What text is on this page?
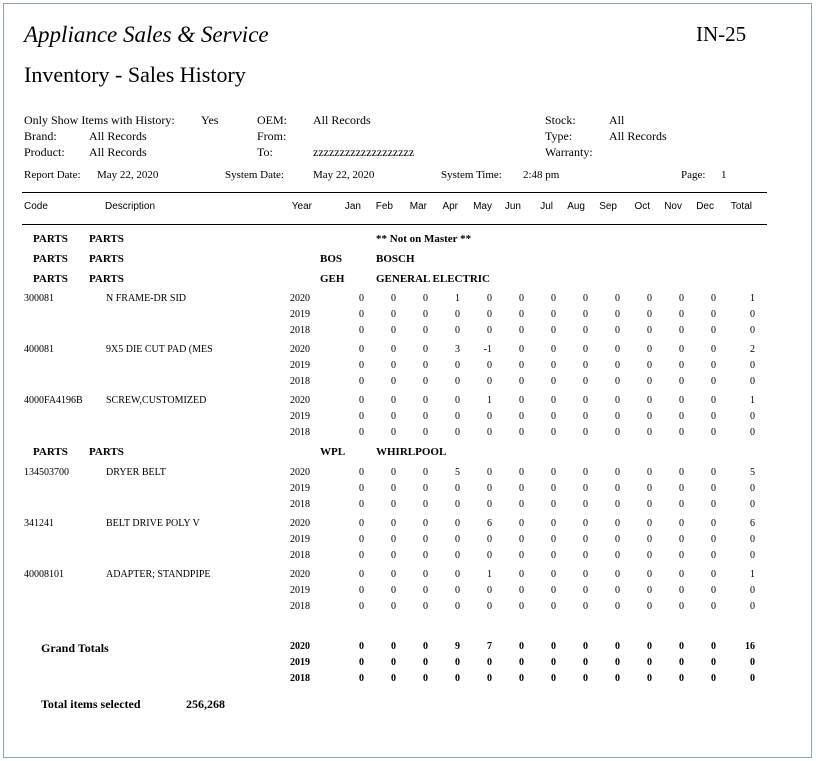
Appliance Sales & Service	IN-25
Inventory - Sales History
Only Show Items with History: Yes
Brand:	All Records
Product: All Records
OEM: All Records
From:
To:	zzzzzzzzzzzzzzzzzzz
Stock:	All
Type:	All Records
Warranty:
Report Date: May 22, 2020	System Date:	May 22, 2020	System Time: 2:48 pm	Page: 1
Code	Description	Year	Jan	Feb	Mar	Apr	May	Jun	Jul	Aug	Sep	Oct	Nov	Dec	Total
PARTS PARTS	** Not on Master **
PARTS PARTS	BOS	BOSCH
PARTS PARTS	GEH	GENERAL ELECTRIC
300081	N FRAME-DR SID	2020	0	0	0	1	0	0	0	0	0	0	0	0	1
2019	0	0	0	0	0	0	0	0	0	0	0	0	0
2018	0	0	0	0	0	0	0	0	0	0	0	0	0
400081	9X5 DIE CUT PAD (MES	2020	0	0	0	3	-1	0	0	0	0	0	0	0	2
2019	0	0	0	0	0	0	0	0	0	0	0	0	0
2018	0	0	0	0	0	0	0	0	0	0	0	0	0
4000FA4196B SCREW,CUSTOMIZED	2020	0	0	0	0	1	0	0	0	0	0	0	0	1
2019	0	0	0	0	0	0	0	0	0	0	0	0	0
2018	0	0	0	0	0	0	0	0	0	0	0	0	0
PARTS PARTS	WPL	WHIRLPOOL
134503700	DRYER BELT	2020	0	0	0	5	0	0	0	0	0	0	0	0	5
2019	0	0	0	0	0	0	0	0	0	0	0	0	0
2018	0	0	0	0	0	0	0	0	0	0	0	0	0
341241	BELT DRIVE POLY V	2020	0	0	0	0	6	0	0	0	0	0	0	0	6
2019	0	0	0	0	0	0	0	0	0	0	0	0	0
2018	0	0	0	0	0	0	0	0	0	0	0	0	0
40008101	ADAPTER; STANDPIPE	2020	0	0	0	0	1	0	0	0	0	0	0	0	1
2019	0	0	0	0	0	0	0	0	0	0	0	0	0
2018	0	0	0	0	0	0	0	0	0	0	0	0	0
Grand Totals	2020	0	0	0	9	7	0	0	0	0	0	0	0	16
2019	0	0	0	0	0	0	0	0	0	0	0	0	0
2018	0	0	0	0	0	0	0	0	0	0	0	0	0
Total items selected	256,268
